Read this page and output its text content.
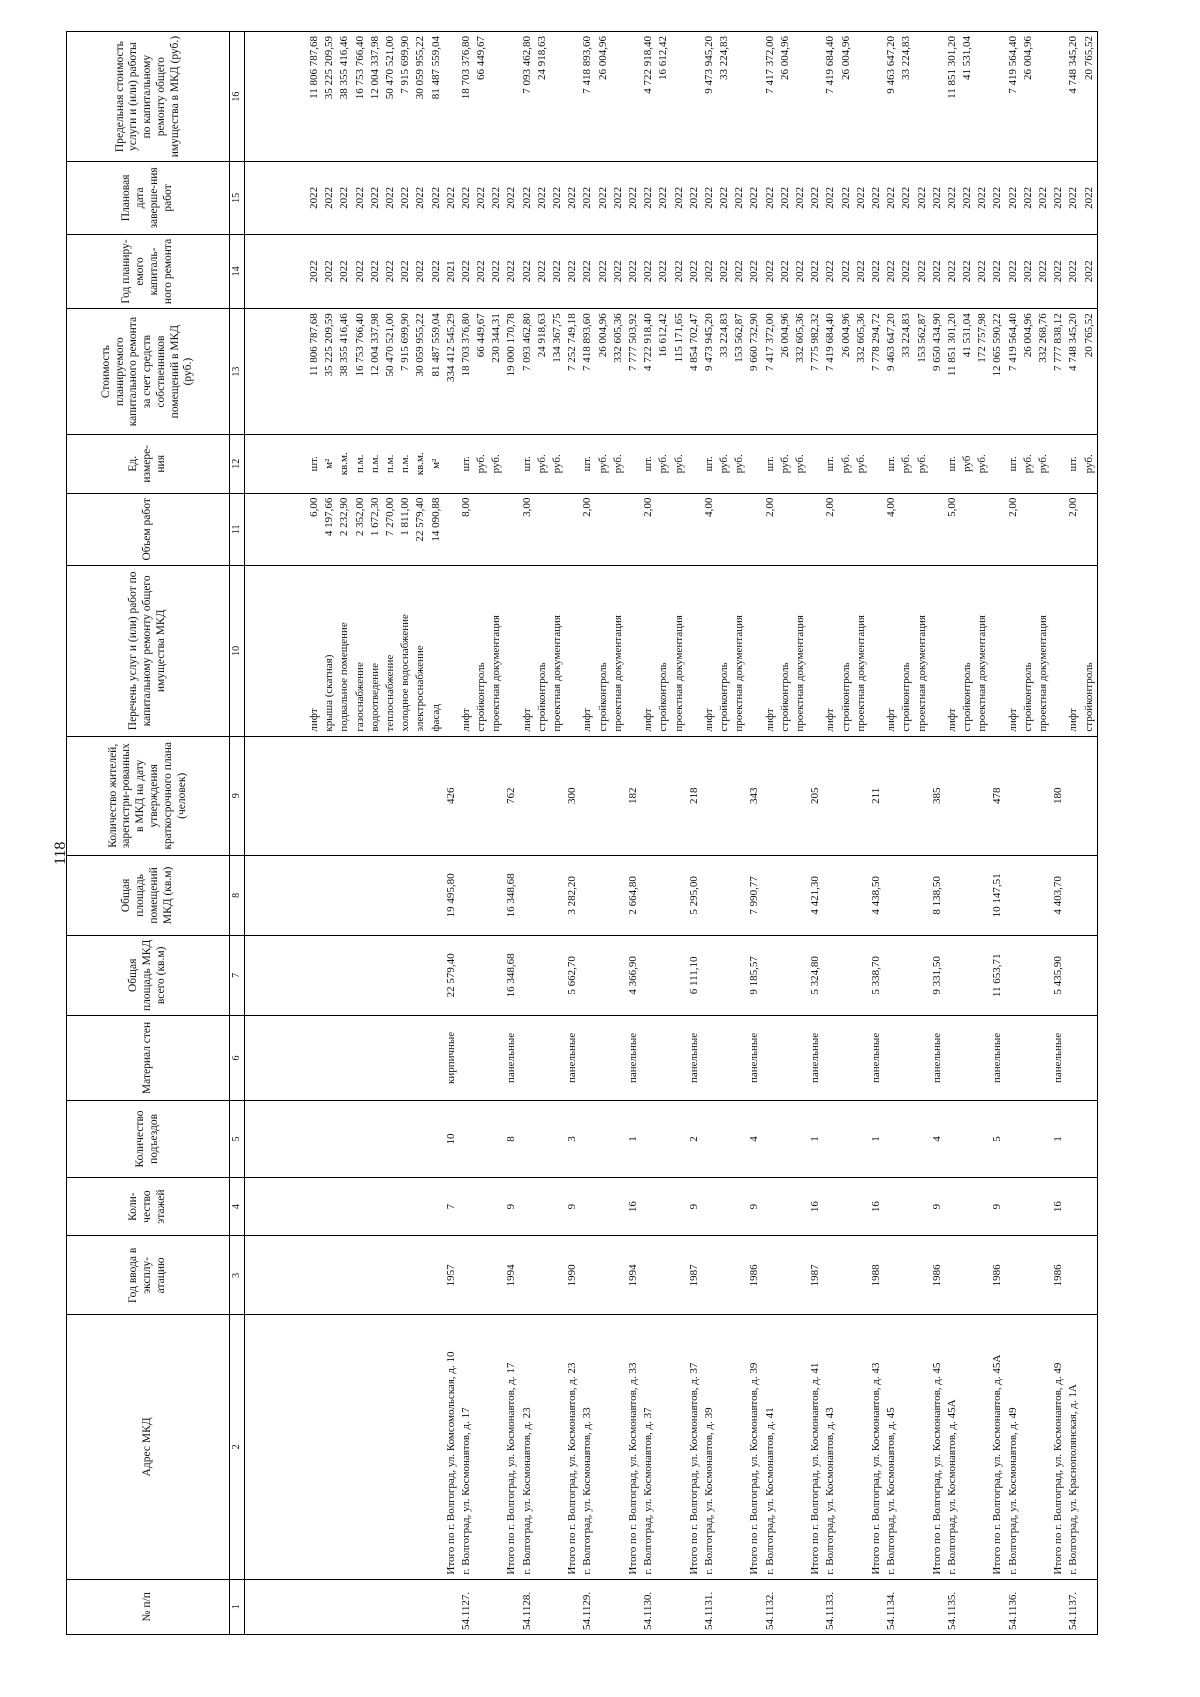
118
№ п/п	Адрес МКД	Год ввода в эксплу-атацию	Коли-чество этажей	Количество подъездов	Материал стен	Общая площадь МКД всего (кв.м)	Общая площадь помещений МКД (кв.м)	Количество жителей, зарегистри-рованных в МКД на дату утверждения краткосрочного плана (человек)	Перечень услуг и (или) работ по капитальному ремонту общего имущества МКД	Объем работ	Ед. измере-ния	Стоимость планируемого капитального ремонта за счет средств собственников помещений в МКД (руб.)	Год планиру-емого капиталь-ного ремонта	Плановая дата заверше-ния работ	Предельная стоимость услуги и (или) работы по капитальному ремонту общего имущества в МКД (руб.)
1	2	3	4	5	6	7	8	9	10	11	12	13	14	15	16

									лифт	6,00	шт.	11 806 787,68	2022	2022	11 806 787,68
									крыша (скатная)	4 197,66	м²	35 225 209,59	2022	2022	35 225 209,59
									подвальное помещение	2 232,90	кв.м.	38 355 416,46	2022	2022	38 355 416,46
									газоснабжение	2 352,00	п.м.	16 753 766,40	2022	2022	16 753 766,40
									водоотведение	1 672,30	п.м.	12 004 337,98	2022	2022	12 004 337,98
									теплоснабжение	7 270,00	п.м.	50 470 521,00	2022	2022	50 470 521,00
									холодное водоснабжение	1 811,00	п.м.	7 915 699,90	2022	2022	7 915 699,90
									электроснабжение	22 579,40	кв.м.	30 059 955,22	2022	2022	30 059 955,22
									фасад	14 090,88	м²	81 487 559,04	2022	2022	81 487 559,04
	Итого по г. Волгоград, ул. Комсомольская, д. 10	1957	7	10	кирпичные	22 579,40	19 495,80	426				334 412 545,29	2021	2022	
54.1127.	г. Волгоград, ул. Космонавтов, д. 17								лифт	8,00	шт.	18 703 376,80	2022	2022	18 703 376,80
									стройконтроль		руб.	66 449,67	2022	2022	66 449,67
									проектная документация		руб.	230 344,31	2022	2022	
	Итого по г. Волгоград, ул. Космонавтов, д. 17	1994	9	8	панельные	16 348,68	16 348,68	762				19 000 170,78	2022	2022	
54.1128.	г. Волгоград, ул. Космонавтов, д. 23								лифт	3,00	шт.	7 093 462,80	2022	2022	7 093 462,80
									стройконтроль		руб.	24 918,63	2022	2022	24 918,63
									проектная документация		руб.	134 367,75	2022	2022	
	Итого по г. Волгоград, ул. Космонавтов, д. 23	1990	9	3	панельные	5 662,70	3 282,20	300				7 252 749,18	2022	2022	
54.1129.	г. Волгоград, ул. Космонавтов, д. 33								лифт	2,00	шт.	7 418 893,60	2022	2022	7 418 893,60
									стройконтроль		руб.	26 004,96	2022	2022	26 004,96
									проектная документация		руб.	332 605,36	2022	2022	
	Итого по г. Волгоград, ул. Космонавтов, д. 33	1994	16	1	панельные	4 366,90	2 664,80	182				7 777 503,92	2022	2022	
54.1130.	г. Волгоград, ул. Космонавтов, д. 37								лифт	2,00	шт.	4 722 918,40	2022	2022	4 722 918,40
									стройконтроль		руб.	16 612,42	2022	2022	16 612,42
									проектная документация		руб.	115 171,65	2022	2022	
	Итого по г. Волгоград, ул. Космонавтов, д. 37	1987	9	2	панельные	6 111,10	5 295,00	218				4 854 702,47	2022	2022	
54.1131.	г. Волгоград, ул. Космонавтов, д. 39								лифт	4,00	шт.	9 473 945,20	2022	2022	9 473 945,20
									стройконтроль		руб.	33 224,83	2022	2022	33 224,83
									проектная документация		руб.	153 562,87	2022	2022	
	Итого по г. Волгоград, ул. Космонавтов, д. 39	1986	9	4	панельные	9 185,57	7 990,77	343				9 660 732,90	2022	2022	
54.1132.	г. Волгоград, ул. Космонавтов, д. 41								лифт	2,00	шт.	7 417 372,00	2022	2022	7 417 372,00
									стройконтроль		руб.	26 004,96	2022	2022	26 004,96
									проектная документация		руб.	332 605,36	2022	2022	
	Итого по г. Волгоград, ул. Космонавтов, д. 41	1987	16	1	панельные	5 324,80	4 421,30	205				7 775 982,32	2022	2022	
54.1133.	г. Волгоград, ул. Космонавтов, д. 43								лифт	2,00	шт.	7 419 684,40	2022	2022	7 419 684,40
									стройконтроль		руб.	26 004,96	2022	2022	26 004,96
									проектная документация		руб.	332 605,36	2022	2022	
	Итого по г. Волгоград, ул. Космонавтов, д. 43	1988	16	1	панельные	5 338,70	4 438,50	211				7 778 294,72	2022	2022	
54.1134.	г. Волгоград, ул. Космонавтов, д. 45								лифт	4,00	шт.	9 463 647,20	2022	2022	9 463 647,20
									стройконтроль		руб.	33 224,83	2022	2022	33 224,83
									проектная документация		руб.	153 562,87	2022	2022	
	Итого по г. Волгоград, ул. Космонавтов, д. 45	1986	9	4	панельные	9 331,50	8 138,50	385				9 650 434,90	2022	2022	
54.1135.	г. Волгоград, ул. Космонавтов, д. 45А								лифт	5,00	шт.	11 851 301,20	2022	2022	11 851 301,20
									стройконтроль		руб	41 531,04	2022	2022	41 531,04
									проектная документация		руб.	172 757,98	2022	2022	
	Итого по г. Волгоград, ул. Космонавтов, д. 45А	1986	9	5	панельные	11 653,71	10 147,51	478				12 065 590,22	2022	2022	
54.1136.	г. Волгоград, ул. Космонавтов, д. 49								лифт	2,00	шт.	7 419 564,40	2022	2022	7 419 564,40
									стройконтроль		руб.	26 004,96	2022	2022	26 004,96
									проектная документация		руб.	332 268,76	2022	2022	
	Итого по г. Волгоград, ул. Космонавтов, д. 49	1986	16	1	панельные	5 435,90	4 403,70	180				7 777 838,12	2022	2022	
54.1137.	г. Волгоград, ул. Краснополянская, д. 1А								лифт	2,00	шт.	4 748 345,20	2022	2022	4 748 345,20
									стройконтроль		руб.	20 765,52	2022	2022	20 765,52
